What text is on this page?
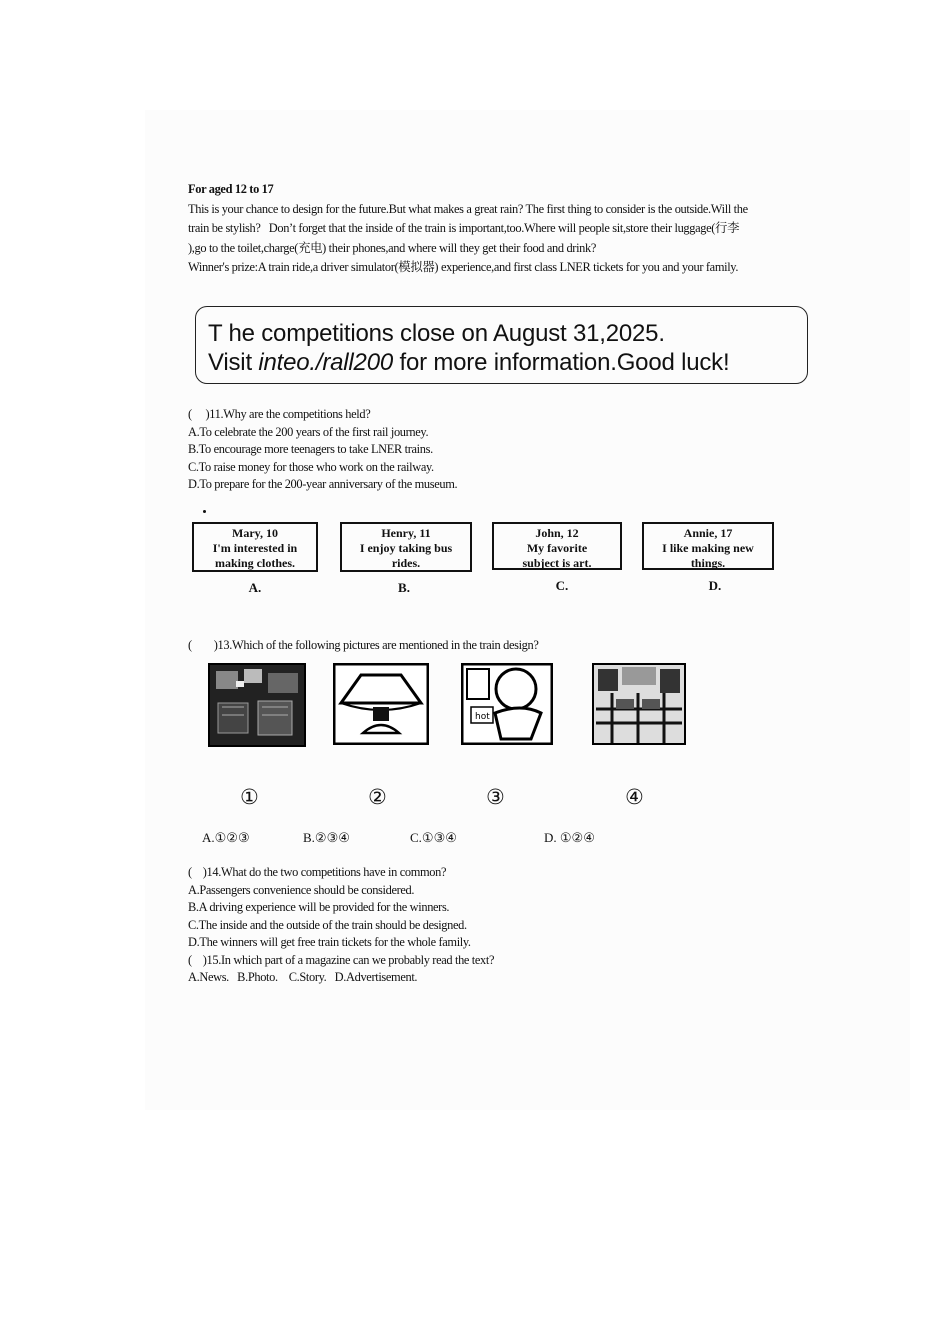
For aged 12 to 17

This is your chance to design for the future.But what makes a great rain? The first thing to consider is the outside.Will the

train be stylish?   Don’t forget that the inside of the train is important,too.Where will people sit,store their luggage(行李

),go to the toilet,charge(充电) their phones,and where will they get their food and drink?

Winner's prize:A train ride,a driver simulator(模拟器) experience,and first class LNER tickets for you and your family.

T he competitions close on August 31,2025.
Visit inteo./rall200 for more information.Good luck!
(     )11.Why are the competitions held?
A.To celebrate the 200 years of the first rail journey.
B.To encourage more teenagers to take LNER trains.
C.To raise money for those who work on the railway.
D.To prepare for the 200-year anniversary of the museum.
Mary, 10
I'm interested in
making clothes.
A.
Henry, 11
I enjoy taking bus
rides.
B.
John, 12
My favorite
subject is art.
C.
Annie, 17
I like making new
things.
D.
(        )13.Which of the following pictures are mentioned in the train design?
hot
①	②	③	④
A.①②③	B.②③④	C.①③④	D. ①②④
(    )14.What do the two competitions have in common?
A.Passengers convenience should be considered.
B.A driving experience will be provided for the winners.
C.The inside and the outside of the train should be designed.
D.The winners will get free train tickets for the whole family.
(    )15.In which part of a magazine can we probably read the text?
A.News.   B.Photo.    C.Story.   D.Advertisement.
